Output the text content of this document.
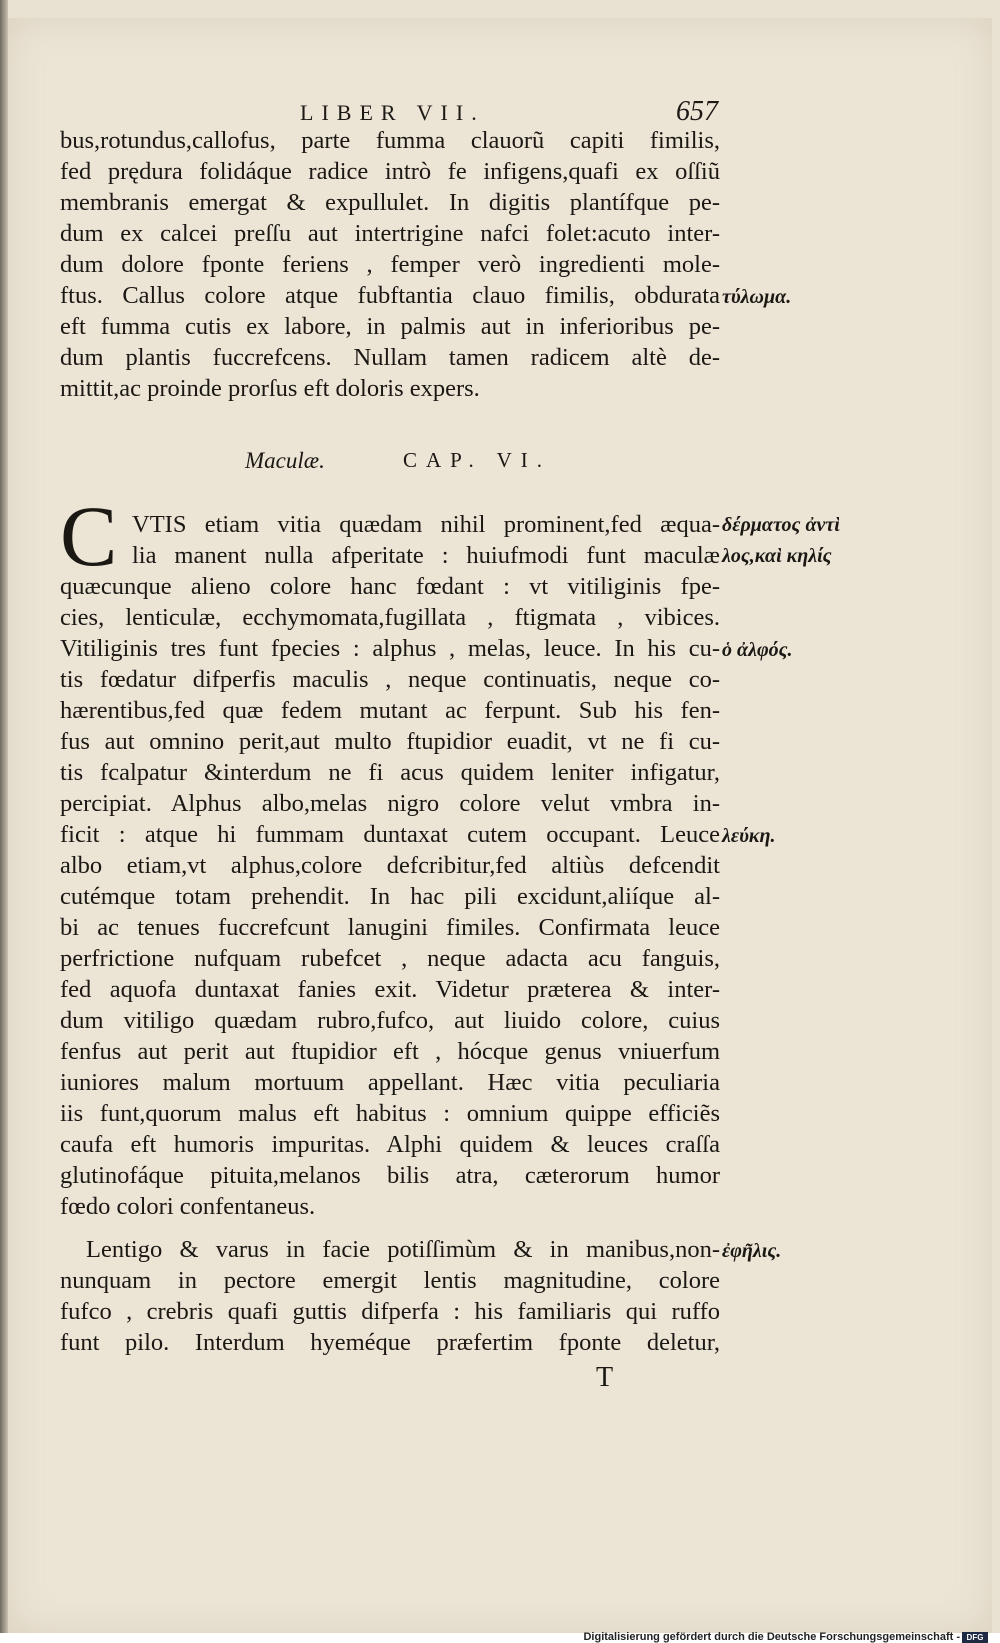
LIBER VII.	657
bus,rotundus,callofus, parte fumma clauorũ capiti fimilis,
fed prędura folidáque radice intrò fe infigens,quafi ex oſſiũ
membranis emergat & expullulet. In digitis plantífque pe-
dum ex calcei preſſu aut intertrigine nafci folet:acuto inter-
dum dolore fponte feriens , femper verò ingredienti mole-
ftus. Callus colore atque fubftantia clauo fimilis, obdurata
eft fumma cutis ex labore, in palmis aut in inferioribus pe-
dum plantis fuccrefcens. Nullam tamen radicem altè de-
mittit,ac proinde prorſus eft doloris expers.
Maculæ.	CAP. VI.
C VTIS etiam vitia quædam nihil prominent,fed æqua-
lia manent nulla afperitate : huiufmodi funt maculæ
quæcunque alieno colore hanc fœdant : vt vitiliginis fpe-
cies, lenticulæ, ecchymomata,fugillata , ftigmata , vibices.
Vitiliginis tres funt fpecies : alphus , melas, leuce. In his cu-
tis fœdatur difperfis maculis , neque continuatis, neque co-
hærentibus,fed quæ fedem mutant ac ferpunt. Sub his fen-
fus aut omnino perit,aut multo ftupidior euadit, vt ne fi cu-
tis fcalpatur &interdum ne fi acus quidem leniter infigatur,
percipiat. Alphus albo,melas nigro colore velut vmbra in-
ficit : atque hi fummam duntaxat cutem occupant. Leuce
albo etiam,vt alphus,colore defcribitur,fed altiùs defcendit
cutémque totam prehendit. In hac pili excidunt,aliíque al-
bi ac tenues fuccrefcunt lanugini fimiles. Confirmata leuce
perfrictione nufquam rubefcet , neque adacta acu fanguis,
fed aquofa duntaxat fanies exit. Videtur præterea & inter-
dum vitiligo quædam rubro,fufco, aut liuido colore, cuius
fenfus aut perit aut ftupidior eft , hócque genus vniuerfum
iuniores malum mortuum appellant. Hæc vitia peculiaria
iis funt,quorum malus eft habitus : omnium quippe efficiẽs
caufa eft humoris impuritas. Alphi quidem & leuces craſſa
glutinofáque pituita,melanos bilis atra, cæterorum humor
fœdo colori confentaneus.
Lentigo & varus in facie potiſſimùm & in manibus,non-
nunquam in pectore emergit lentis magnitudine, colore
fufco , crebris quafi guttis difperfa : his familiaris qui ruffo
funt pilo. Interdum hyeméque præfertim fponte deletur,
T
τύλωμα.
δέρματος ἀντὶ
λος,καὶ κηλίς
ὁ ἀλφός.
λεύκη.
ἐφῆλις.
Digitalisierung gefördert durch die Deutsche Forschungsgemeinschaft - DFG
